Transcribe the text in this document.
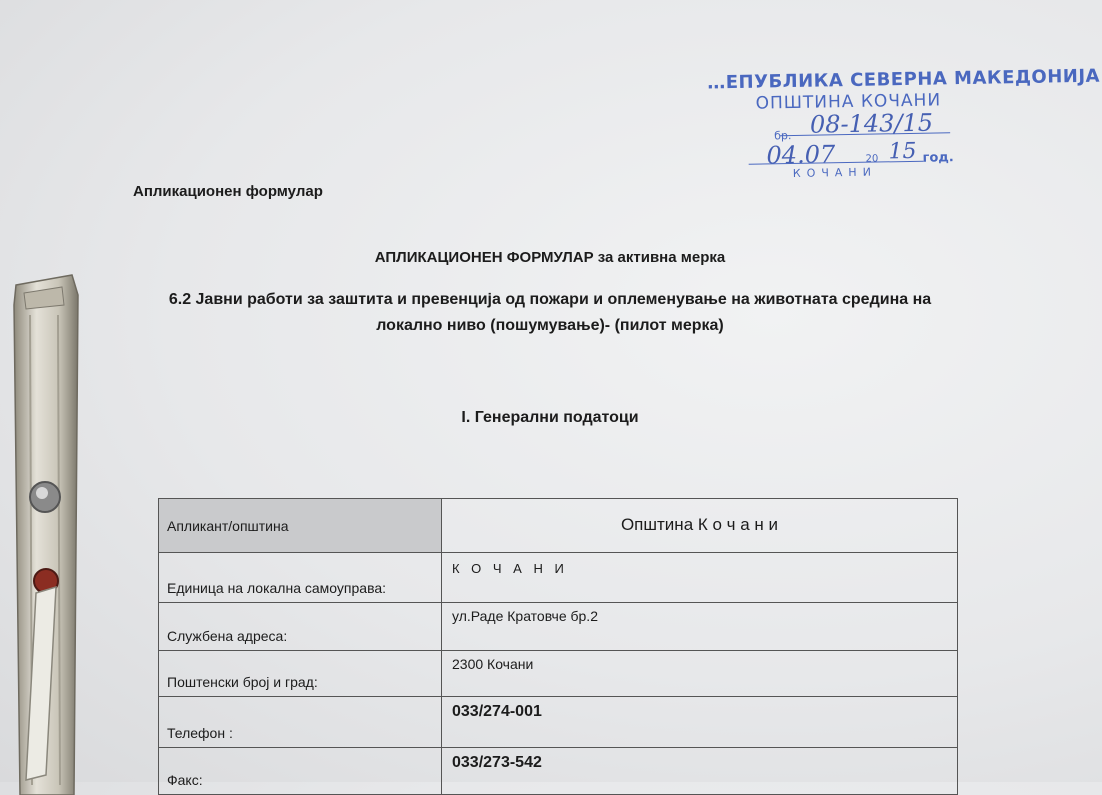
…ЕПУБЛИКА СЕВЕРНА МАКЕДОНИЈА
ОПШТИНА КОЧАНИ
бр. 08-143/15
04.07	20 15 год.
КОЧАНИ
Апликационен формулар
АПЛИКАЦИОНЕН ФОРМУЛАР за активна мерка
6.2 Јавни работи за заштита и превенција од пожари и оплеменување на животната средина на локално ниво (пошумување)- (пилот мерка)
I. Генерални податоци
Апликант/општина	Општина К о ч а н и
Единица на локална самоуправа:
К О Ч А Н И
Службена адреса:
ул.Раде Кратовче бр.2
Поштенски број и град:
2300 Кочани
Телефон :
033/274-001
Факс:
033/273-542
